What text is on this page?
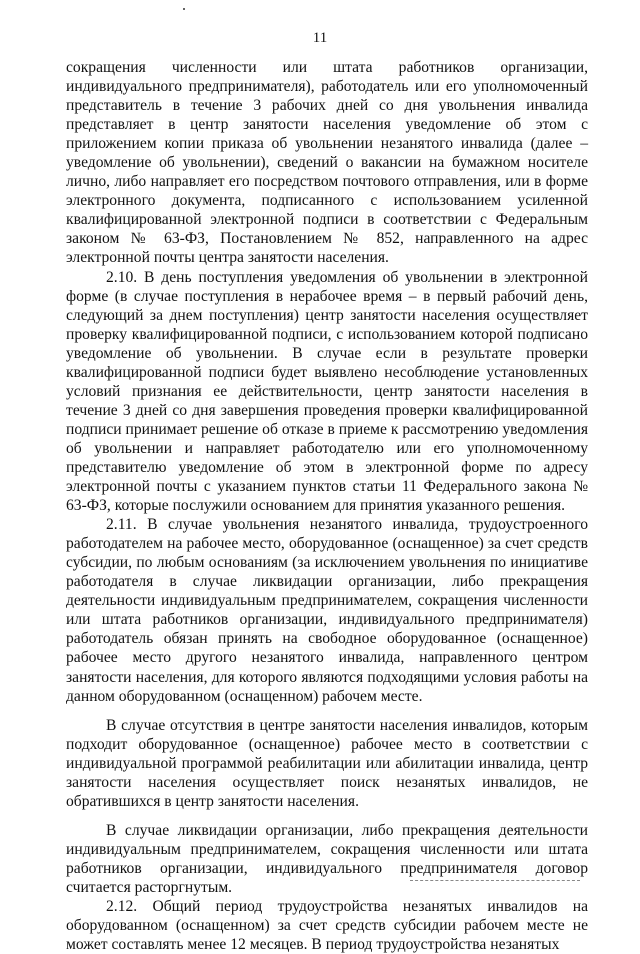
11

сокращения численности или штата работников организации, индивидуального предпринимателя), работодатель или его уполномоченный представитель в течение 3 рабочих дней со дня увольнения инвалида представляет в центр занятости населения уведомление об этом с приложением копии приказа об увольнении незанятого инвалида (далее – уведомление об увольнении), сведений о вакансии на бумажном носителе лично, либо направляет его посредством почтового отправления, или в форме электронного документа, подписанного с использованием усиленной квалифицированной электронной подписи в соответствии с Федеральным законом № 63-ФЗ, Постановлением № 852, направленного на адрес электронной почты центра занятости населения.

2.10. В день поступления уведомления об увольнении в электронной форме (в случае поступления в нерабочее время – в первый рабочий день, следующий за днем поступления) центр занятости населения осуществляет проверку квалифицированной подписи, с использованием которой подписано уведомление об увольнении. В случае если в результате проверки квалифицированной подписи будет выявлено несоблюдение установленных условий признания ее действительности, центр занятости населения в течение 3 дней со дня завершения проведения проверки квалифицированной подписи принимает решение об отказе в приеме к рассмотрению уведомления об увольнении и направляет работодателю или его уполномоченному представителю уведомление об этом в электронной форме по адресу электронной почты с указанием пунктов статьи 11 Федерального закона № 63-ФЗ, которые послужили основанием для принятия указанного решения.

2.11. В случае увольнения незанятого инвалида, трудоустроенного работодателем на рабочее место, оборудованное (оснащенное) за счет средств субсидии, по любым основаниям (за исключением увольнения по инициативе работодателя в случае ликвидации организации, либо прекращения деятельности индивидуальным предпринимателем, сокращения численности или штата работников организации, индивидуального предпринимателя) работодатель обязан принять на свободное оборудованное (оснащенное) рабочее место другого незанятого инвалида, направленного центром занятости населения, для которого являются подходящими условия работы на данном оборудованном (оснащенном) рабочем месте.

В случае отсутствия в центре занятости населения инвалидов, которым подходит оборудованное (оснащенное) рабочее место в соответствии с индивидуальной программой реабилитации или абилитации инвалида, центр занятости населения осуществляет поиск незанятых инвалидов, не обратившихся в центр занятости населения.

В случае ликвидации организации, либо прекращения деятельности индивидуальным предпринимателем, сокращения численности или штата работников организации, индивидуального предпринимателя договор считается расторгнутым.

2.12. Общий период трудоустройства незанятых инвалидов на оборудованном (оснащенном) за счет средств субсидии рабочем месте не может составлять менее 12 месяцев. В период трудоустройства незанятых
